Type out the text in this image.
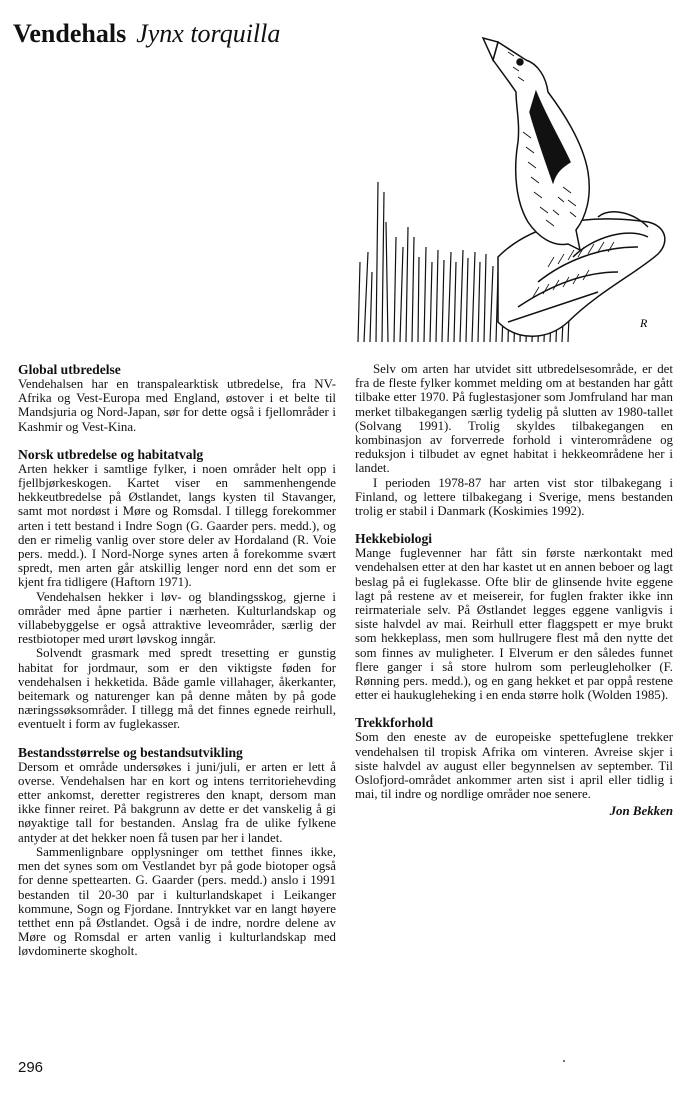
Vendehals Jynx torquilla
R
Global utbredelse

Vendehalsen har en transpalearktisk utbredelse, fra NV-Afrika og Vest-Europa med England, østover i et belte til Mandsjuria og Nord-Japan, sør for dette også i fjellområder i Kashmir og Vest-Kina.

Norsk utbredelse og habitatvalg

Arten hekker i samtlige fylker, i noen områder helt opp i fjellbjørkeskogen. Kartet viser en sammenhengende hekkeutbredelse på Østlandet, langs kysten til Stavanger, samt mot nordøst i Møre og Romsdal. I tillegg forekommer arten i tett bestand i Indre Sogn (G. Gaarder pers. medd.), og den er rimelig vanlig over store deler av Hordaland (R. Voie pers. medd.). I Nord-Norge synes arten å forekomme svært spredt, men arten går atskillig lenger nord enn det som er kjent fra tidligere (Haftorn 1971).

Vendehalsen hekker i løv- og blandingsskog, gjerne i områder med åpne partier i nærheten. Kulturlandskap og villabebyggelse er også attraktive leveområder, særlig der restbiotoper med urørt løvskog inngår.

Solvendt grasmark med spredt tresetting er gunstig habitat for jordmaur, som er den viktigste føden for vendehalsen i hekketida. Både gamle villahager, åkerkanter, beitemark og naturenger kan på denne måten by på gode næringssøksområder. I tillegg må det finnes egnede reirhull, eventuelt i form av fuglekasser.

Bestandsstørrelse og bestandsutvikling

Dersom et område undersøkes i juni/juli, er arten er lett å overse. Vendehalsen har en kort og intens territoriehevding etter ankomst, deretter registreres den knapt, dersom man ikke finner reiret. På bakgrunn av dette er det vanskelig å gi nøyaktige tall for bestanden. Anslag fra de ulike fylkene antyder at det hekker noen få tusen par her i landet.

Sammenlignbare opplysninger om tetthet finnes ikke, men det synes som om Vestlandet byr på gode biotoper også for denne spettearten. G. Gaarder (pers. medd.) anslo i 1991 bestanden til 20-30 par i kulturlandskapet i Leikanger kommune, Sogn og Fjordane. Inntrykket var en langt høyere tetthet enn på Østlandet. Også i de indre, nordre delene av Møre og Romsdal er arten vanlig i kulturlandskap med løvdominerte skogholt.

Selv om arten har utvidet sitt utbredelsesområde, er det fra de fleste fylker kommet melding om at bestanden har gått tilbake etter 1970. På fuglestasjoner som Jomfruland har man merket tilbakegangen særlig tydelig på slutten av 1980-tallet (Solvang 1991). Trolig skyldes tilbakegangen en kombinasjon av forverrede forhold i vinterområdene og reduksjon i tilbudet av egnet habitat i hekkeområdene her i landet.

I perioden 1978-87 har arten vist stor tilbakegang i Finland, og lettere tilbakegang i Sverige, mens bestanden trolig er stabil i Danmark (Koskimies 1992).

Hekkebiologi

Mange fuglevenner har fått sin første nærkontakt med vendehalsen etter at den har kastet ut en annen beboer og lagt beslag på ei fuglekasse. Ofte blir de glinsende hvite eggene lagt på restene av et meisereir, for fuglen frakter ikke inn reirmateriale selv. På Østlandet legges eggene vanligvis i siste halvdel av mai. Reirhull etter flaggspett er mye brukt som hekkeplass, men som hullrugere flest må den nytte det som finnes av muligheter. I Elverum er den således funnet flere ganger i så store hulrom som perleugleholker (F. Rønning pers. medd.), og en gang hekket et par oppå restene etter ei haukugleheking i en enda større holk (Wolden 1985).

Trekkforhold

Som den eneste av de europeiske spettefuglene trekker vendehalsen til tropisk Afrika om vinteren. Avreise skjer i siste halvdel av august eller begynnelsen av september. Til Oslofjord-området ankommer arten sist i april eller tidlig i mai, til indre og nordlige områder noe senere.

Jon Bekken
296
